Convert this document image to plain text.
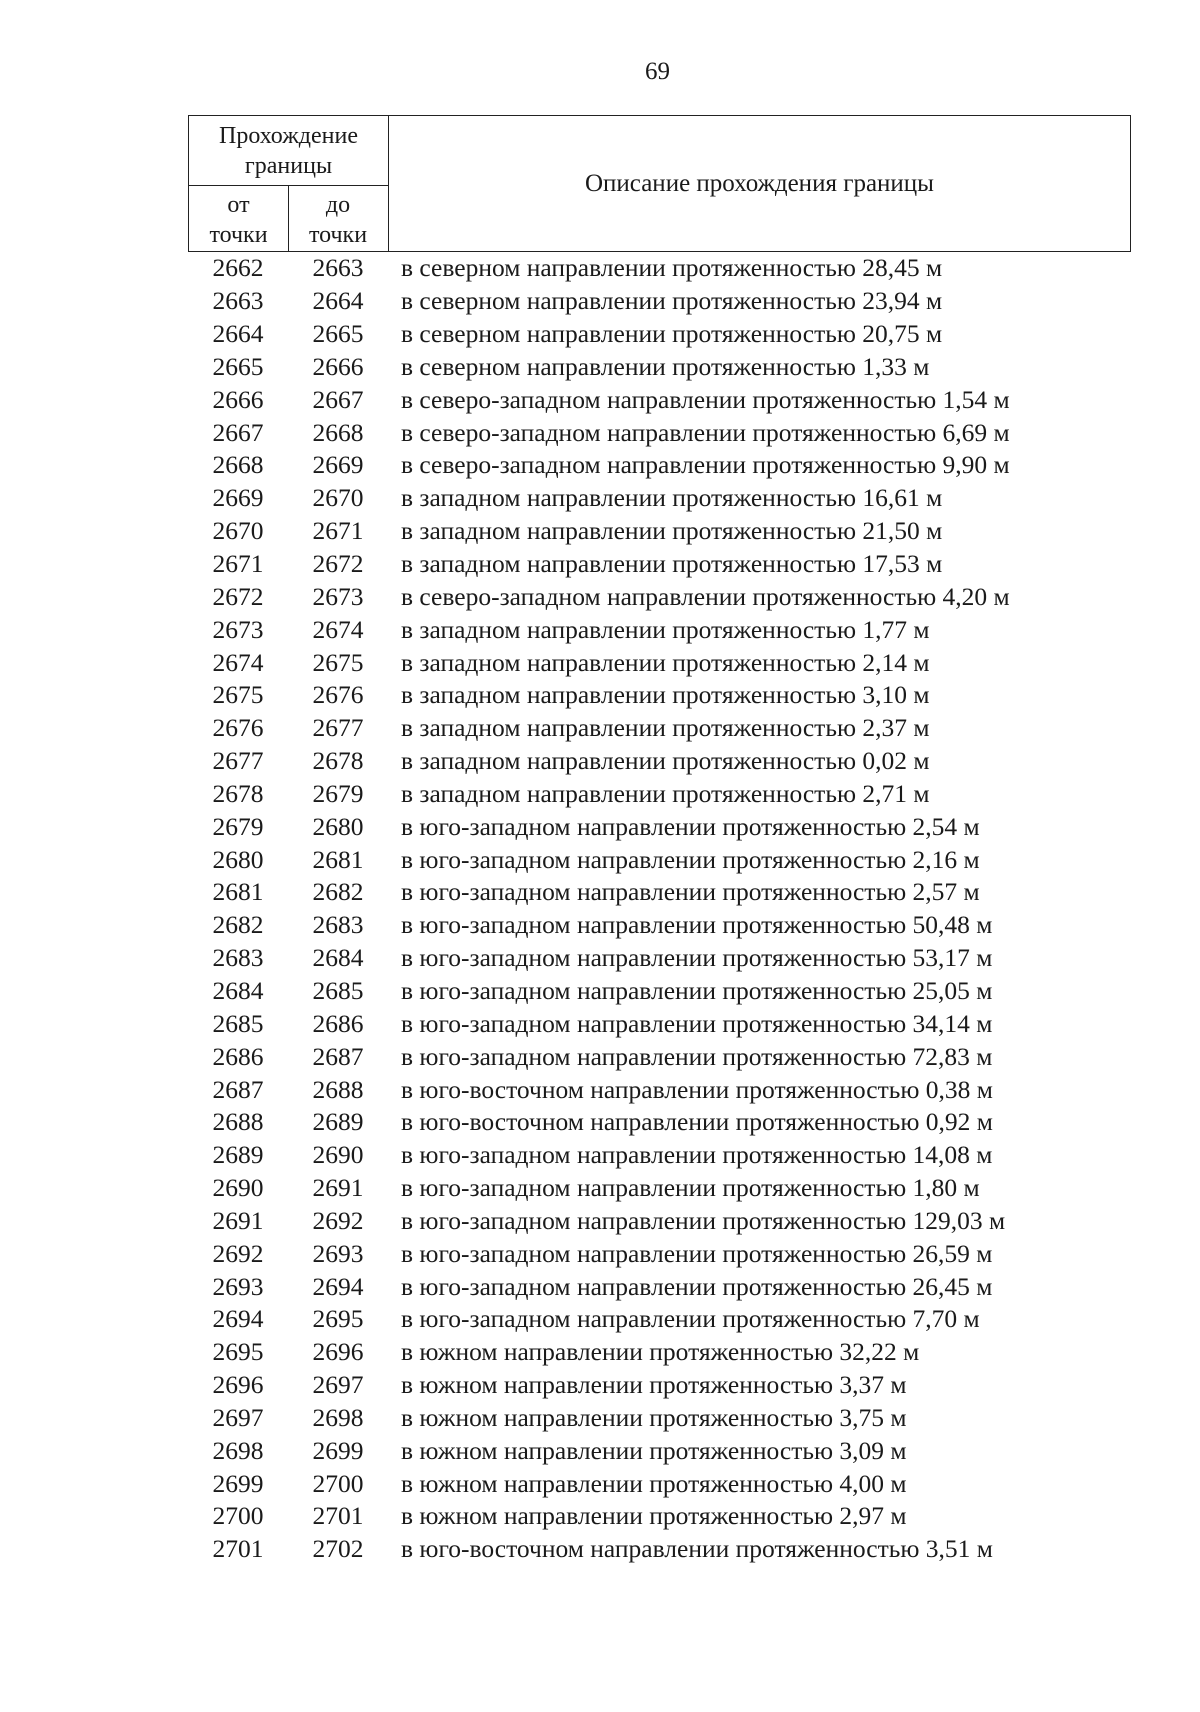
69
Прохождение
границы
от
точки
до
точки
Описание прохождения границы
2662	2663	в северном направлении протяженностью 28,45 м
2663	2664	в северном направлении протяженностью 23,94 м
2664	2665	в северном направлении протяженностью 20,75 м
2665	2666	в северном направлении протяженностью 1,33 м
2666	2667	в северо-западном направлении протяженностью 1,54 м
2667	2668	в северо-западном направлении протяженностью 6,69 м
2668	2669	в северо-западном направлении протяженностью 9,90 м
2669	2670	в западном направлении протяженностью 16,61 м
2670	2671	в западном направлении протяженностью 21,50 м
2671	2672	в западном направлении протяженностью 17,53 м
2672	2673	в северо-западном направлении протяженностью 4,20 м
2673	2674	в западном направлении протяженностью 1,77 м
2674	2675	в западном направлении протяженностью 2,14 м
2675	2676	в западном направлении протяженностью 3,10 м
2676	2677	в западном направлении протяженностью 2,37 м
2677	2678	в западном направлении протяженностью 0,02 м
2678	2679	в западном направлении протяженностью 2,71 м
2679	2680	в юго-западном направлении протяженностью 2,54 м
2680	2681	в юго-западном направлении протяженностью 2,16 м
2681	2682	в юго-западном направлении протяженностью 2,57 м
2682	2683	в юго-западном направлении протяженностью 50,48 м
2683	2684	в юго-западном направлении протяженностью 53,17 м
2684	2685	в юго-западном направлении протяженностью 25,05 м
2685	2686	в юго-западном направлении протяженностью 34,14 м
2686	2687	в юго-западном направлении протяженностью 72,83 м
2687	2688	в юго-восточном направлении протяженностью 0,38 м
2688	2689	в юго-восточном направлении протяженностью 0,92 м
2689	2690	в юго-западном направлении протяженностью 14,08 м
2690	2691	в юго-западном направлении протяженностью 1,80 м
2691	2692	в юго-западном направлении протяженностью 129,03 м
2692	2693	в юго-западном направлении протяженностью 26,59 м
2693	2694	в юго-западном направлении протяженностью 26,45 м
2694	2695	в юго-западном направлении протяженностью 7,70 м
2695	2696	в южном направлении протяженностью 32,22 м
2696	2697	в южном направлении протяженностью 3,37 м
2697	2698	в южном направлении протяженностью 3,75 м
2698	2699	в южном направлении протяженностью 3,09 м
2699	2700	в южном направлении протяженностью 4,00 м
2700	2701	в южном направлении протяженностью 2,97 м
2701	2702	в юго-восточном направлении протяженностью 3,51 м
